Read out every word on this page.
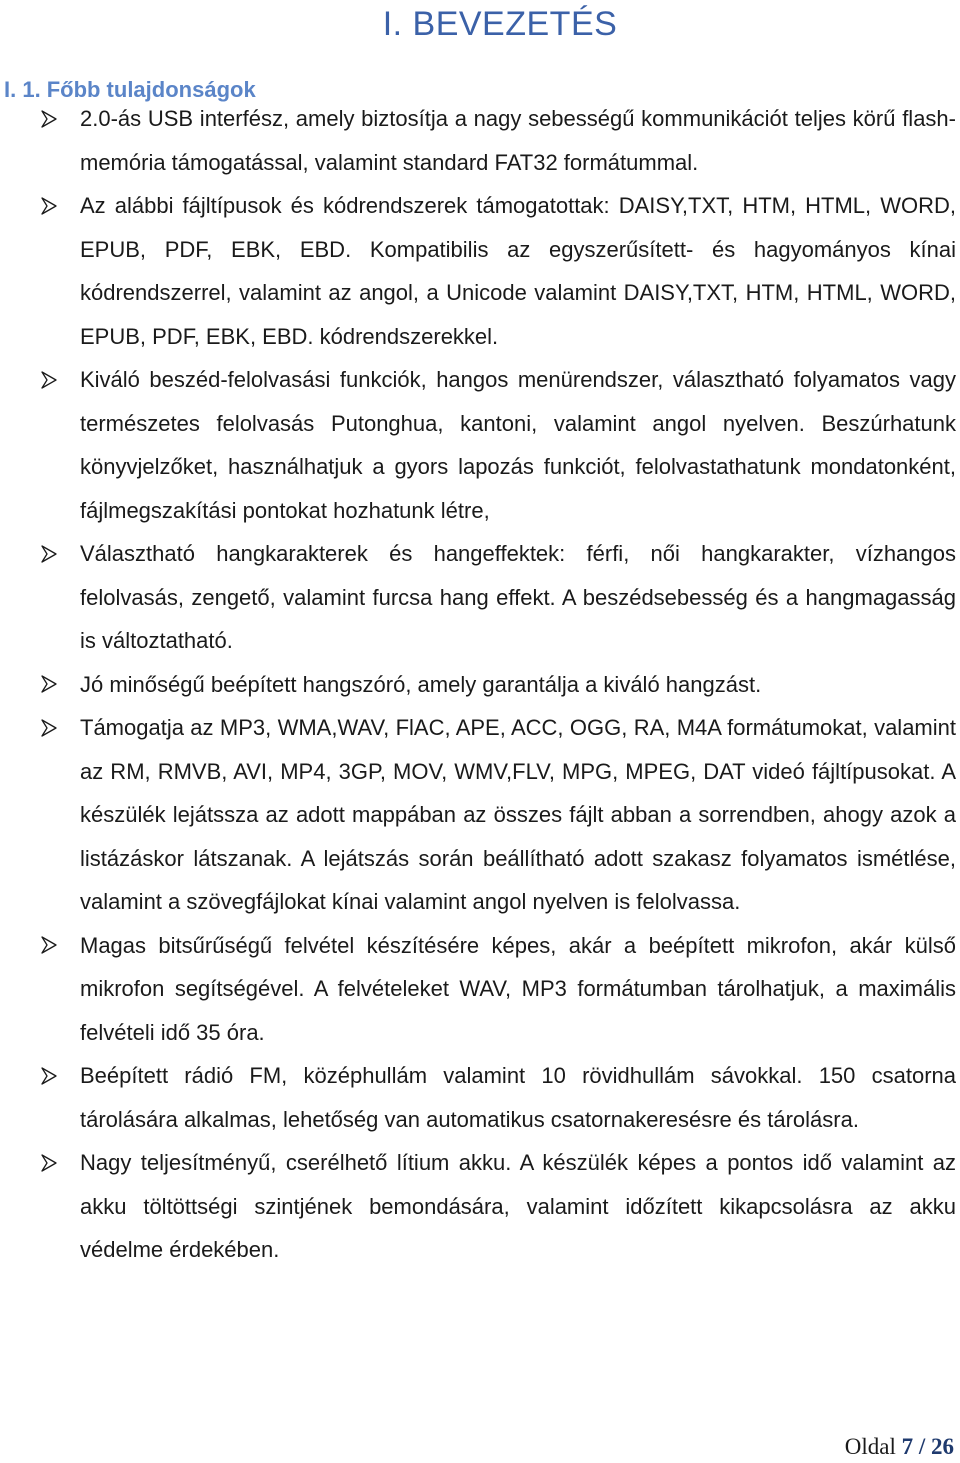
I. BEVEZETÉS
I. 1. Főbb tulajdonságok
2.0-ás USB interfész, amely biztosítja a nagy sebességű kommunikációt teljes körű flash-memória támogatással, valamint standard FAT32 formátummal.
Az alábbi fájltípusok és kódrendszerek támogatottak: DAISY,TXT, HTM, HTML, WORD, EPUB, PDF, EBK, EBD. Kompatibilis az egyszerűsített- és hagyományos kínai kódrendszerrel, valamint az angol, a Unicode valamint DAISY,TXT, HTM, HTML, WORD, EPUB, PDF, EBK, EBD. kódrendszerekkel.
Kiváló beszéd-felolvasási funkciók, hangos menürendszer, választható folyamatos vagy természetes felolvasás Putonghua, kantoni, valamint angol nyelven. Beszúrhatunk könyvjelzőket, használhatjuk a gyors lapozás funkciót, felolvastathatunk mondatonként, fájlmegszakítási pontokat hozhatunk létre,
Választható hangkarakterek és hangeffektek: férfi, női hangkarakter, vízhangos felolvasás, zengető, valamint furcsa hang effekt. A beszédsebesség és a hangmagasság is változtatható.
Jó minőségű beépített hangszóró, amely garantálja a kiváló hangzást.
Támogatja az MP3, WMA,WAV, FlAC, APE, ACC, OGG, RA, M4A formátumokat, valamint az RM, RMVB, AVI, MP4, 3GP, MOV, WMV,FLV, MPG, MPEG, DAT videó fájltípusokat. A készülék lejátssza az adott mappában az összes fájlt abban a sorrendben, ahogy azok a listázáskor látszanak. A lejátszás során beállítható adott szakasz folyamatos ismétlése, valamint a szövegfájlokat kínai valamint angol nyelven is felolvassa.
Magas bitsűrűségű felvétel készítésére képes, akár a beépített mikrofon, akár külső mikrofon segítségével. A felvételeket WAV, MP3 formátumban tárolhatjuk, a maximális felvételi idő 35 óra.
Beépített rádió FM, középhullám valamint 10 rövidhullám sávokkal. 150 csatorna tárolására alkalmas, lehetőség van automatikus csatornakeresésre és tárolásra.
Nagy teljesítményű, cserélhető lítium akku. A készülék képes a pontos idő valamint az akku töltöttségi szintjének bemondására, valamint időzített kikapcsolásra az akku védelme érdekében.
Oldal 7 / 26
